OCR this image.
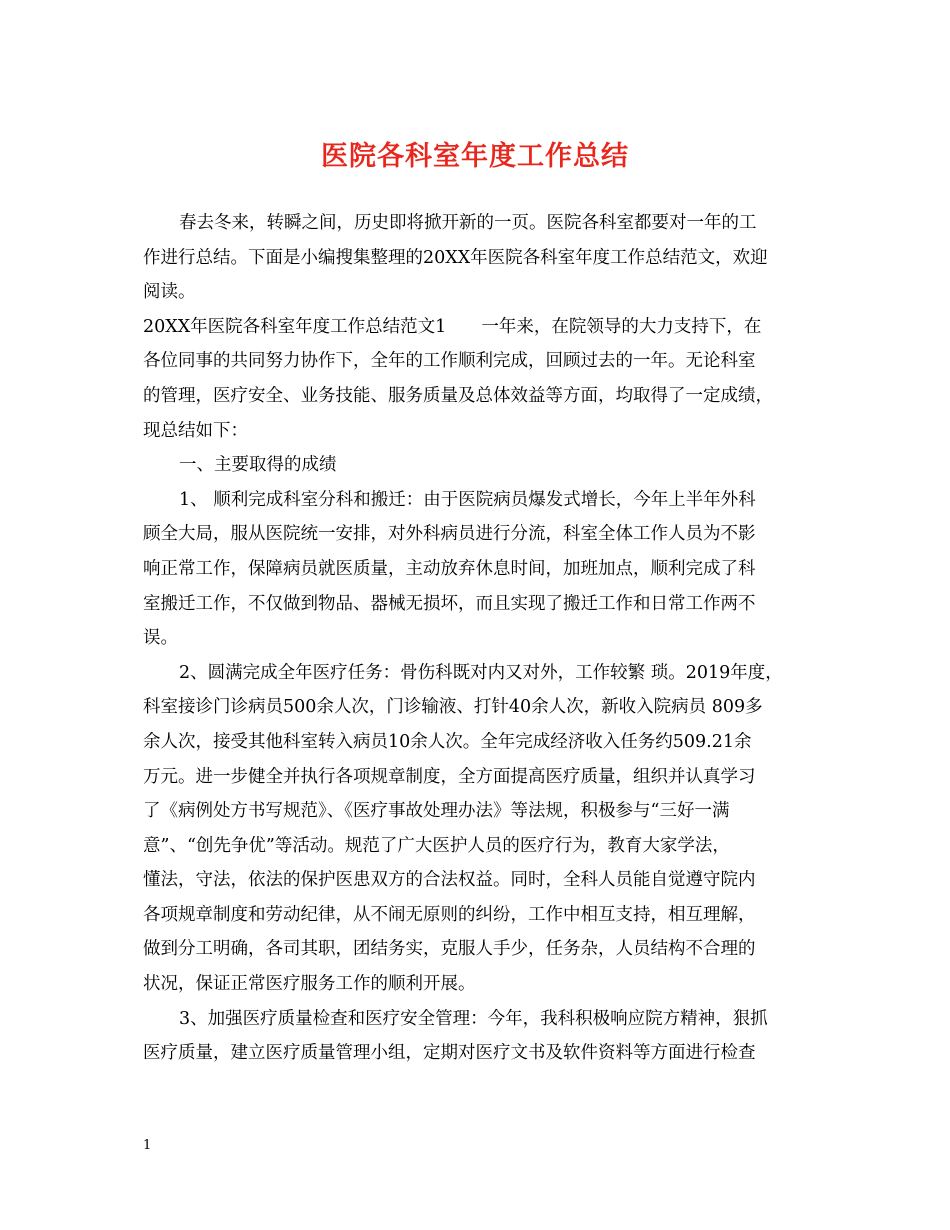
医院各科室年度工作总结
春去冬来，转瞬之间，历史即将掀开新的一页。医院各科室都要对一年的工
作进行总结。下面是小编搜集整理的20XX年医院各科室年度工作总结范文，欢迎
阅读。
20XX年医院各科室年度工作总结范文1　　一年来，在院领导的大力支持下，在
各位同事的共同努力协作下，全年的工作顺利完成，回顾过去的一年。无论科室
的管理，医疗安全、业务技能、服务质量及总体效益等方面，均取得了一定成绩，
现总结如下：
一、主要取得的成绩
1、 顺利完成科室分科和搬迁：由于医院病员爆发式增长，今年上半年外科
顾全大局，服从医院统一安排，对外科病员进行分流，科室全体工作人员为不影
响正常工作，保障病员就医质量，主动放弃休息时间，加班加点，顺利完成了科
室搬迁工作，不仅做到物品、器械无损坏，而且实现了搬迁工作和日常工作两不
误。
2、圆满完成全年医疗任务：骨伤科既对内又对外，工作较繁 琐。2019年度，
科室接诊门诊病员500余人次，门诊输液、打针40余人次，新收入院病员 809多
余人次，接受其他科室转入病员10余人次。全年完成经济收入任务约509.21余
万元。进一步健全并执行各项规章制度，全方面提高医疗质量，组织并认真学习
了《病例处方书写规范》、《医疗事故处理办法》等法规，积极参与“三好一满
意”、“创先争优”等活动。规范了广大医护人员的医疗行为，教育大家学法，
懂法，守法，依法的保护医患双方的合法权益。同时，全科人员能自觉遵守院内
各项规章制度和劳动纪律，从不闹无原则的纠纷，工作中相互支持，相互理解，
做到分工明确，各司其职，团结务实，克服人手少，任务杂，人员结构不合理的
状况，保证正常医疗服务工作的顺利开展。
3、加强医疗质量检查和医疗安全管理：今年，我科积极响应院方精神，狠抓
医疗质量，建立医疗质量管理小组，定期对医疗文书及软件资料等方面进行检查
1
